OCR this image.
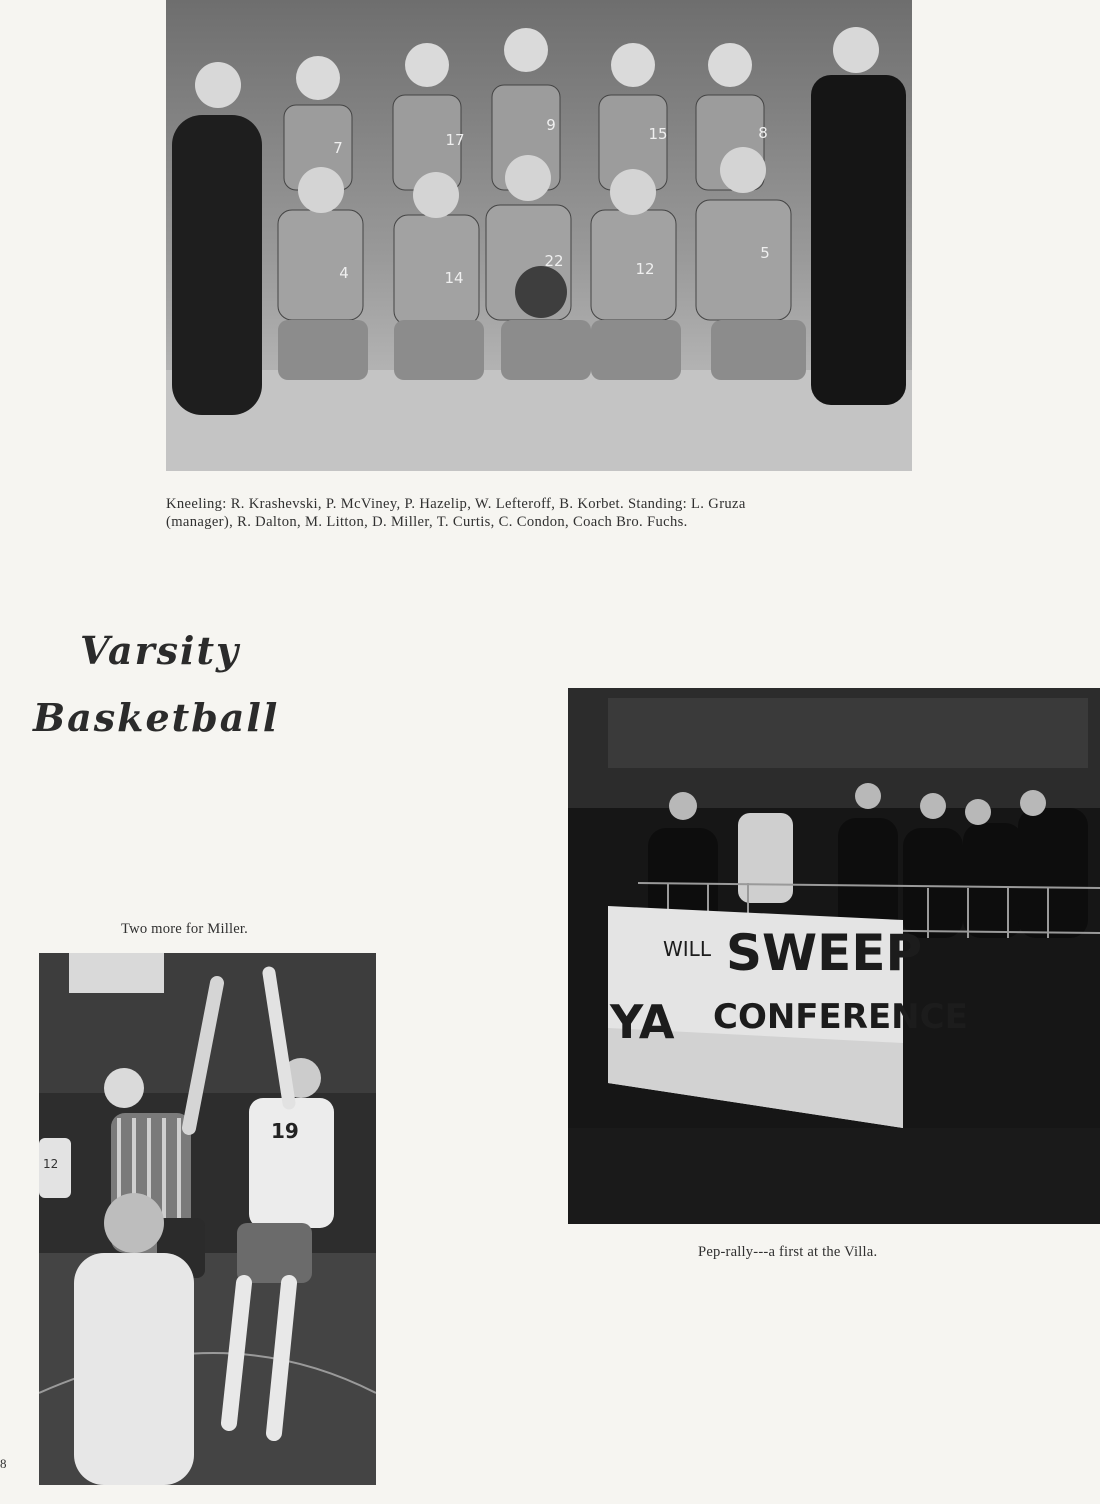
7	17
9	15	8
4	14
22	12
5
Kneeling: R. Krashevski, P. McViney, P. Hazelip, W. Lefteroff, B. Korbet. Standing: L. Gruza
(manager), R. Dalton, M. Litton, D. Miller, T. Curtis, C. Condon, Coach Bro. Fuchs.
Varsity
Basketball
WILL SWEEP
YA CONFERENCE
Pep-rally---a first at the Villa.
Two more for Miller.
19
12
8
